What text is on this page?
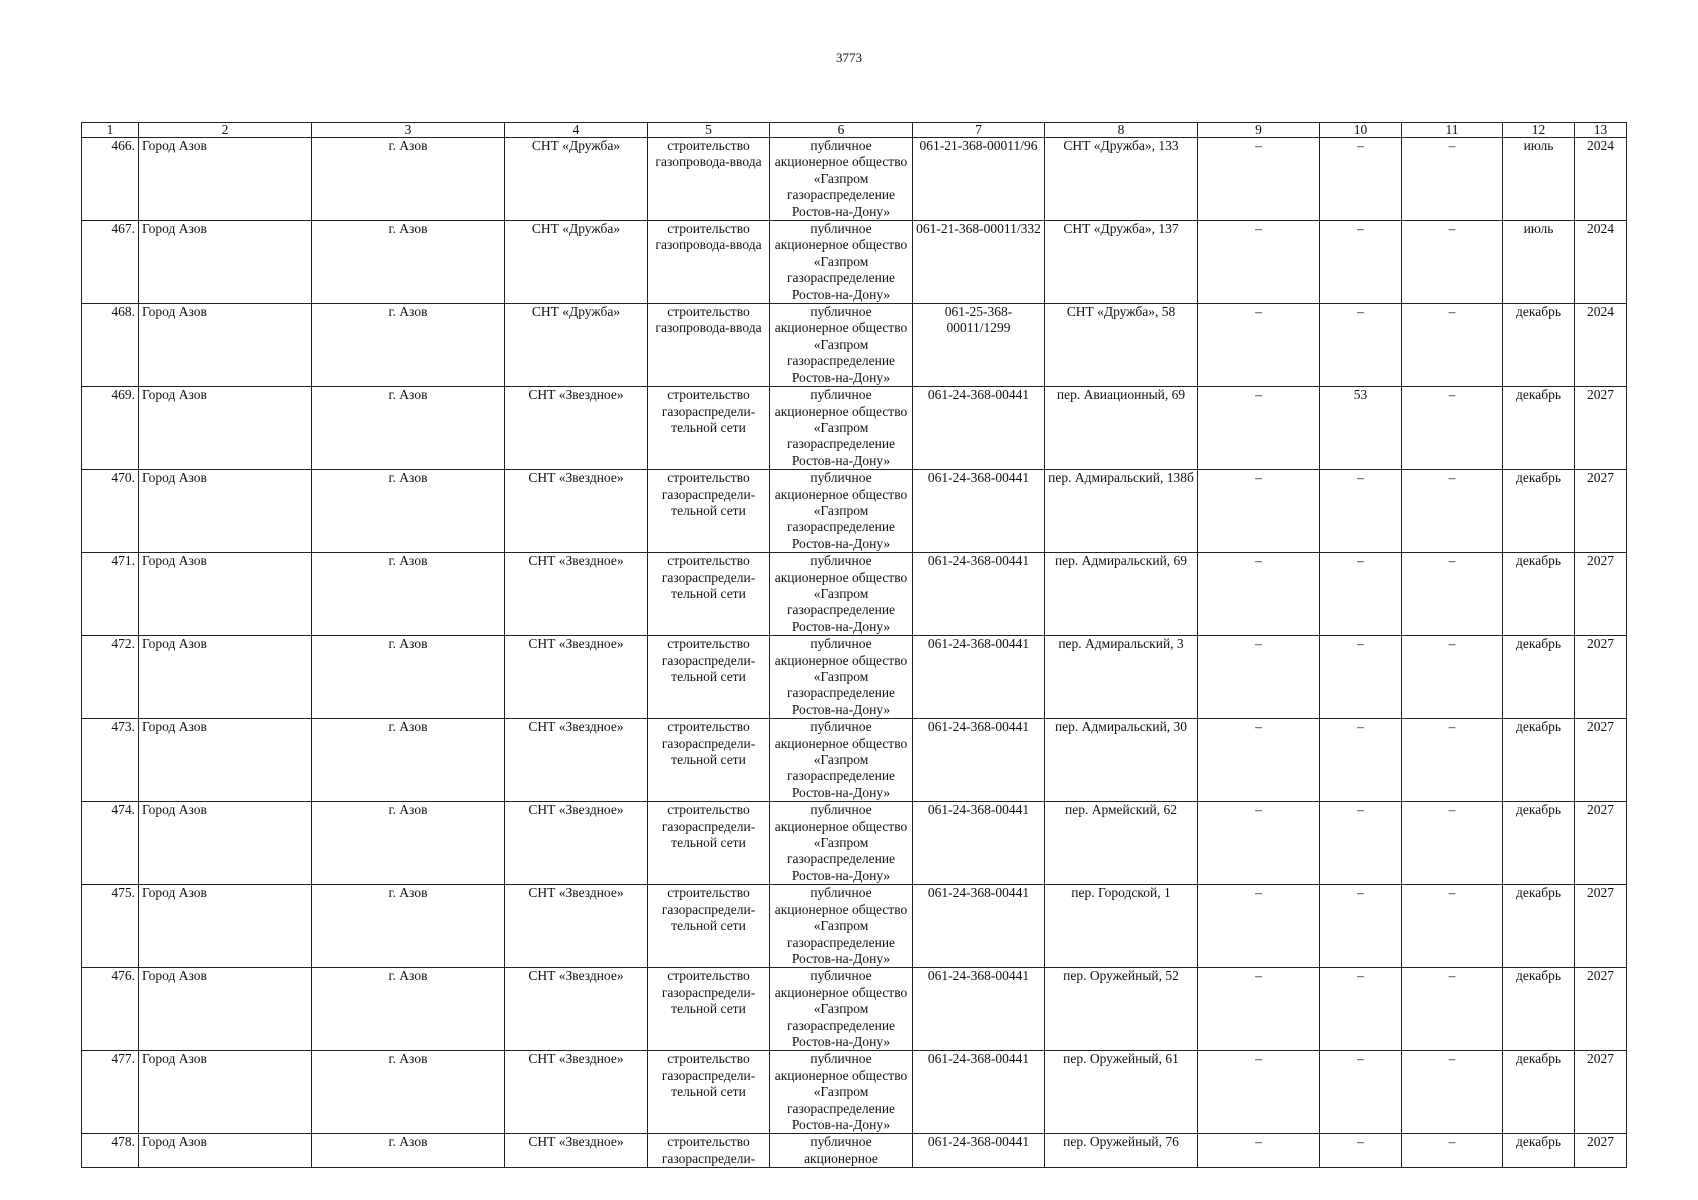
3773
1	2	3	4	5	6	7	8	9	10	11	12	13
466.	Город Азов	г. Азов	СНТ «Дружба»	строительство газопровода-ввода	публичное акционерное общество «Газпром газораспределение Ростов-на-Дону»	061-21-368-00011/96	СНТ «Дружба», 133	–	–	–	июль	2024
467.	Город Азов	г. Азов	СНТ «Дружба»	строительство газопровода-ввода	публичное акционерное общество «Газпром газораспределение Ростов-на-Дону»	061-21-368-00011/332	СНТ «Дружба», 137	–	–	–	июль	2024
468.	Город Азов	г. Азов	СНТ «Дружба»	строительство газопровода-ввода	публичное акционерное общество «Газпром газораспределение Ростов-на-Дону»	061-25-368-00011/1299	СНТ «Дружба», 58	–	–	–	декабрь	2024
469.	Город Азов	г. Азов	СНТ «Звездное»	строительство газораспредели-тельной сети	публичное акционерное общество «Газпром газораспределение Ростов-на-Дону»	061-24-368-00441	пер. Авиационный, 69	–	53	–	декабрь	2027
470.	Город Азов	г. Азов	СНТ «Звездное»	строительство газораспредели-тельной сети	публичное акционерное общество «Газпром газораспределение Ростов-на-Дону»	061-24-368-00441	пер. Адмиральский, 138б	–	–	–	декабрь	2027
471.	Город Азов	г. Азов	СНТ «Звездное»	строительство газораспредели-тельной сети	публичное акционерное общество «Газпром газораспределение Ростов-на-Дону»	061-24-368-00441	пер. Адмиральский, 69	–	–	–	декабрь	2027
472.	Город Азов	г. Азов	СНТ «Звездное»	строительство газораспредели-тельной сети	публичное акционерное общество «Газпром газораспределение Ростов-на-Дону»	061-24-368-00441	пер. Адмиральский, 3	–	–	–	декабрь	2027
473.	Город Азов	г. Азов	СНТ «Звездное»	строительство газораспредели-тельной сети	публичное акционерное общество «Газпром газораспределение Ростов-на-Дону»	061-24-368-00441	пер. Адмиральский, 30	–	–	–	декабрь	2027
474.	Город Азов	г. Азов	СНТ «Звездное»	строительство газораспредели-тельной сети	публичное акционерное общество «Газпром газораспределение Ростов-на-Дону»	061-24-368-00441	пер. Армейский, 62	–	–	–	декабрь	2027
475.	Город Азов	г. Азов	СНТ «Звездное»	строительство газораспредели-тельной сети	публичное акционерное общество «Газпром газораспределение Ростов-на-Дону»	061-24-368-00441	пер. Городской, 1	–	–	–	декабрь	2027
476.	Город Азов	г. Азов	СНТ «Звездное»	строительство газораспредели-тельной сети	публичное акционерное общество «Газпром газораспределение Ростов-на-Дону»	061-24-368-00441	пер. Оружейный, 52	–	–	–	декабрь	2027
477.	Город Азов	г. Азов	СНТ «Звездное»	строительство газораспредели-тельной сети	публичное акционерное общество «Газпром газораспределение Ростов-на-Дону»	061-24-368-00441	пер. Оружейный, 61	–	–	–	декабрь	2027
478.	Город Азов	г. Азов	СНТ «Звездное»	строительство газораспредели-	публичное акционерное	061-24-368-00441	пер. Оружейный, 76	–	–	–	декабрь	2027
